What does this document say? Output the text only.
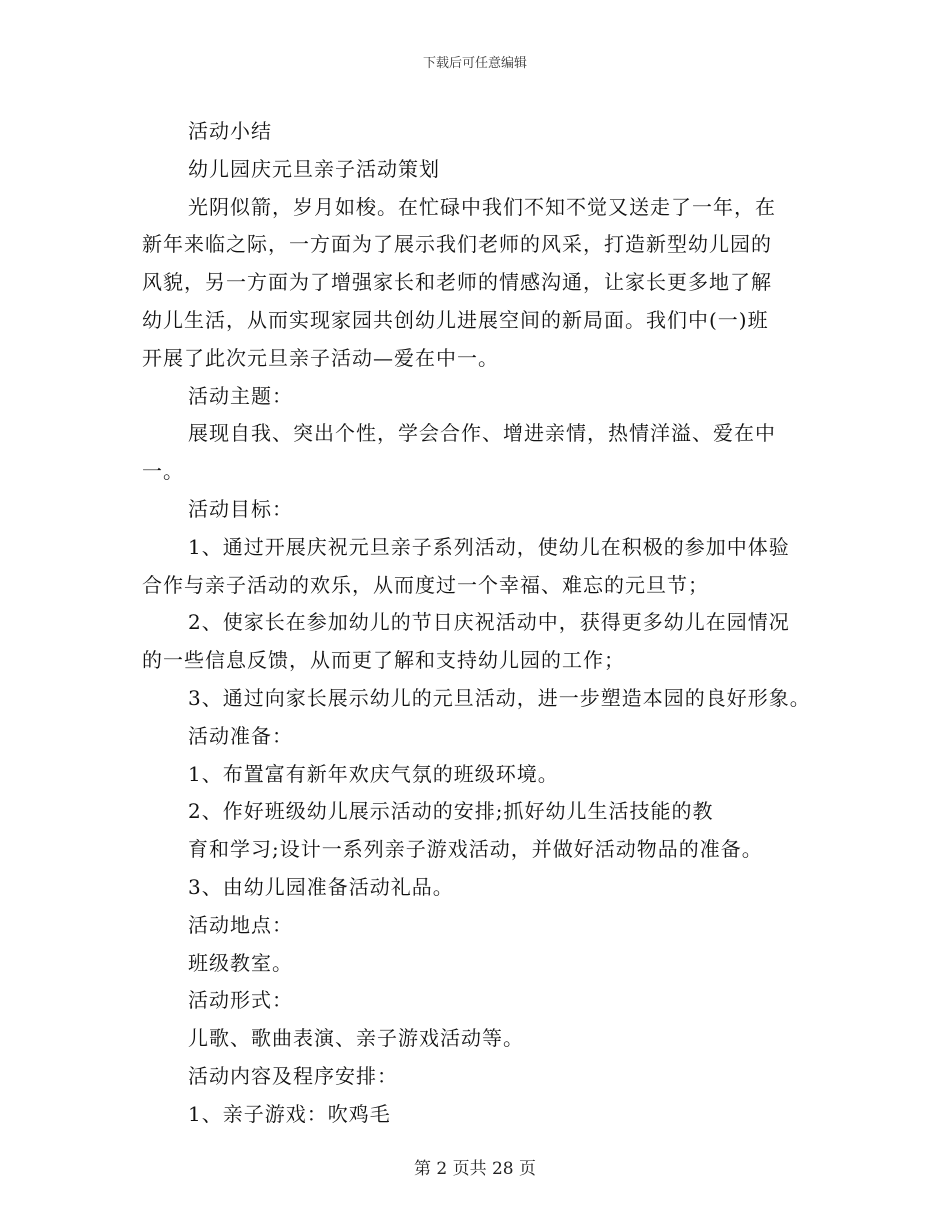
下载后可任意编辑
活动小结
幼儿园庆元旦亲子活动策划
光阴似箭，岁月如梭。在忙碌中我们不知不觉又送走了一年，在
新年来临之际，一方面为了展示我们老师的风采，打造新型幼儿园的
风貌，另一方面为了增强家长和老师的情感沟通，让家长更多地了解
幼儿生活，从而实现家园共创幼儿进展空间的新局面。我们中(一)班
开展了此次元旦亲子活动—爱在中一。
活动主题：
展现自我、突出个性，学会合作、增进亲情，热情洋溢、爱在中
一。
活动目标：
1、通过开展庆祝元旦亲子系列活动，使幼儿在积极的参加中体验
合作与亲子活动的欢乐，从而度过一个幸福、难忘的元旦节；
2、使家长在参加幼儿的节日庆祝活动中，获得更多幼儿在园情况
的一些信息反馈，从而更了解和支持幼儿园的工作；
3、通过向家长展示幼儿的元旦活动，进一步塑造本园的良好形象。
活动准备：
1、布置富有新年欢庆气氛的班级环境。
2、作好班级幼儿展示活动的安排;抓好幼儿生活技能的教
育和学习;设计一系列亲子游戏活动，并做好活动物品的准备。
3、由幼儿园准备活动礼品。
活动地点：
班级教室。
活动形式：
儿歌、歌曲表演、亲子游戏活动等。
活动内容及程序安排：
1、亲子游戏：吹鸡毛
第 2 页共 28 页
